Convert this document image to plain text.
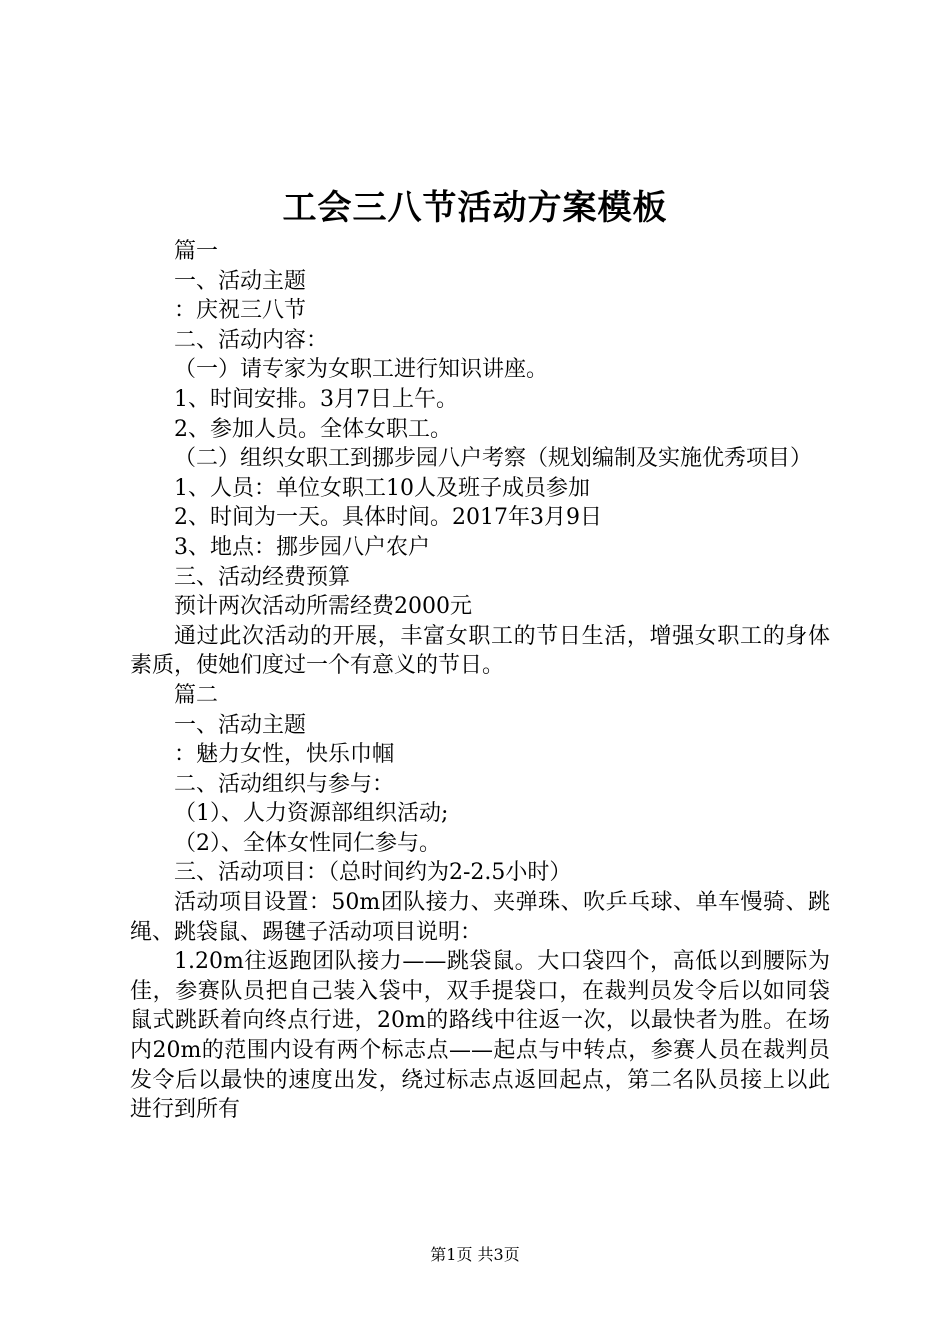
工会三八节活动方案模板

篇一

一、活动主题

：庆祝三八节

二、活动内容：

（一）请专家为女职工进行知识讲座。

1、时间安排。3月7日上午。

2、参加人员。全体女职工。

（二）组织女职工到挪步园八户考察（规划编制及实施优秀项目）

1、人员：单位女职工10人及班子成员参加

2、时间为一天。具体时间。2017年3月9日

3、地点：挪步园八户农户

三、活动经费预算

预计两次活动所需经费2000元

通过此次活动的开展，丰富女职工的节日生活，增强女职工的身体素质，使她们度过一个有意义的节日。

篇二

一、活动主题

：魅力女性，快乐巾帼

二、活动组织与参与：

（1）、人力资源部组织活动;

（2）、全体女性同仁参与。

三、活动项目：（总时间约为2-2.5小时）

活动项目设置：50m团队接力、夹弹珠、吹乒乓球、单车慢骑、跳绳、跳袋鼠、踢毽子活动项目说明：

1.20m往返跑团队接力——跳袋鼠。大口袋四个，高低以到腰际为佳，参赛队员把自己装入袋中，双手提袋口，在裁判员发令后以如同袋鼠式跳跃着向终点行进，20m的路线中往返一次，以最快者为胜。在场内20m的范围内设有两个标志点——起点与中转点，参赛人员在裁判员发令后以最快的速度出发，绕过标志点返回起点，第二名队员接上以此进行到所有

第1页 共3页
